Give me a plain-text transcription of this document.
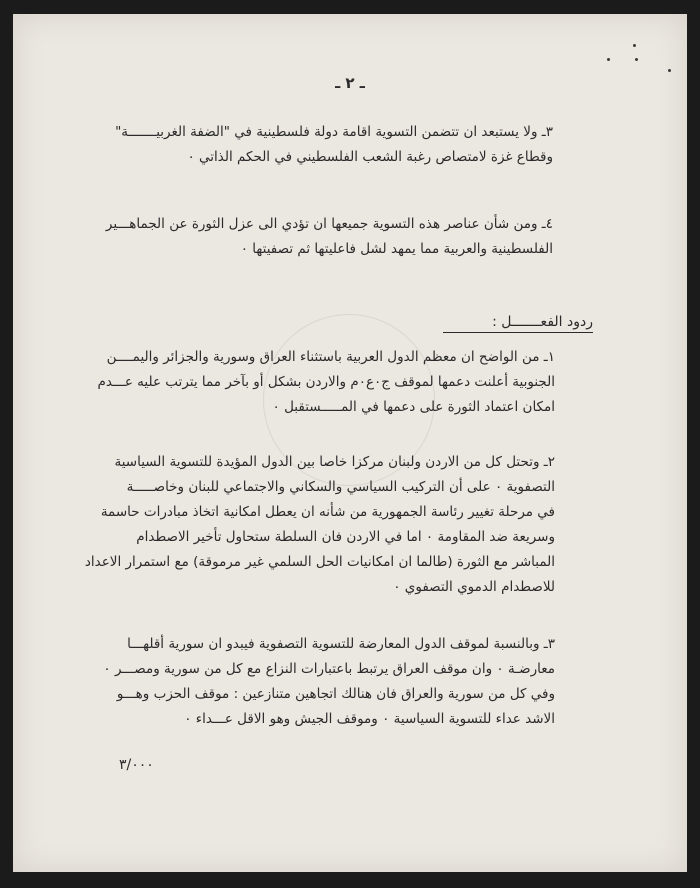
ـ ٢ ـ
٣ـ ولا يستبعد ان تتضمن التسوية اقامة دولة فلسطينية في "الضفة الغربيـــــــة"
وقطاع غزة لامتصاص رغبة الشعب الفلسطيني في الحكم الذاتي ٠
٤ـ ومن شأن عناصر هذه التسوية جميعها ان تؤدي الى عزل الثورة عن الجماهـــير
الفلسطينية والعربية مما يمهد لشل فاعليتها ثم تصفيتها ٠
ردود الفعـــــــل :
١ـ من الواضح ان معظم الدول العربية باستثناء العراق وسورية والجزائر واليمــــن
الجنوبية أعلنت دعمها لموقف ج٠ع٠م والاردن بشكل أو بآخر مما يترتب عليه عـــدم
امكان اعتماد الثورة على دعمها في المـــــستقبل ٠
٢ـ وتحتل كل من الاردن ولبنان مركزا خاصا بين الدول المؤيدة للتسوية السياسية
التصفوية ٠ على أن التركيب السياسي والسكاني والاجتماعي للبنان وخاصـــــة
في مرحلة تغيير رئاسة الجمهورية من شأنه ان يعطل امكانية اتخاذ مبادرات حاسمة
وسريعة ضد المقاومة ٠ اما في الاردن فان السلطة ستحاول تأخير الاصطدام
المباشر مع الثورة (طالما ان امكانيات الحل السلمي غير مرموقة) مع استمرار الاعداد
للاصطدام الدموي التصفوي ٠
٣ـ وبالنسبة لموقف الدول المعارضة للتسوية التصفوية فيبدو ان سورية أقلهـــا
معارضـة ٠ وان موقف العراق يرتبط باعتبارات النزاع مع كل من سورية ومصـــر ٠
وفي كل من سورية والعراق فان هنالك اتجاهين متنازعين : موقف الحزب وهـــو
الاشد عداء للتسوية السياسية ٠ وموقف الجيش وهو الاقل عـــداء ٠
٣/٠٠٠
